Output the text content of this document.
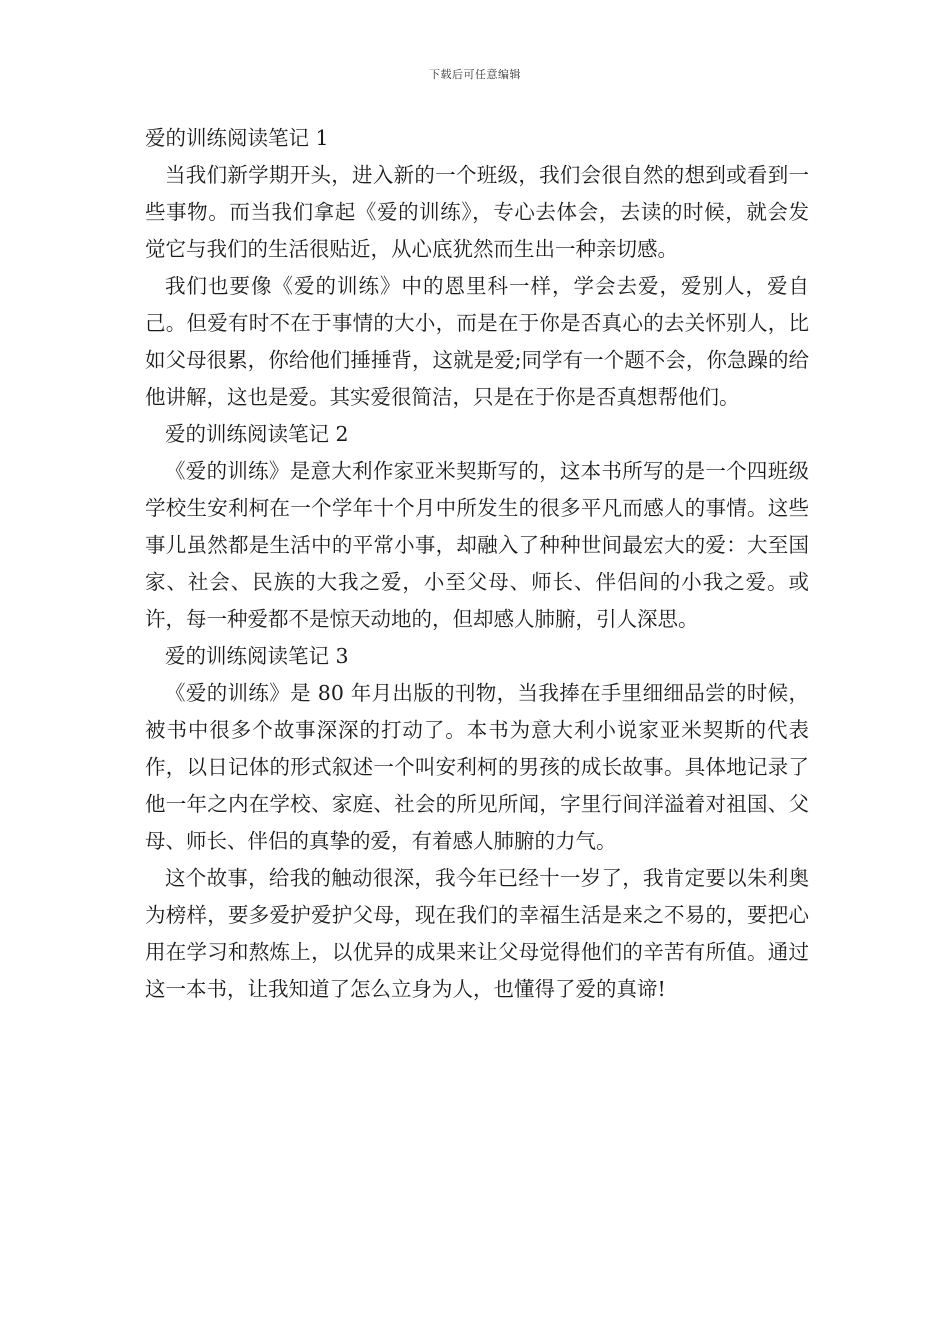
下载后可任意编辑
爱的训练阅读笔记 1

当我们新学期开头，进入新的一个班级，我们会很自然的想到或看到一些事物。而当我们拿起《爱的训练》，专心去体会，去读的时候，就会发觉它与我们的生活很贴近，从心底犹然而生出一种亲切感。

我们也要像《爱的训练》中的恩里科一样，学会去爱，爱别人，爱自己。但爱有时不在于事情的大小，而是在于你是否真心的去关怀别人，比如父母很累，你给他们捶捶背，这就是爱;同学有一个题不会，你急躁的给他讲解，这也是爱。其实爱很简洁，只是在于你是否真想帮他们。

爱的训练阅读笔记 2

《爱的训练》是意大利作家亚米契斯写的，这本书所写的是一个四班级学校生安利柯在一个学年十个月中所发生的很多平凡而感人的事情。这些事儿虽然都是生活中的平常小事，却融入了种种世间最宏大的爱：大至国家、社会、民族的大我之爱，小至父母、师长、伴侣间的小我之爱。或许，每一种爱都不是惊天动地的，但却感人肺腑，引人深思。

爱的训练阅读笔记 3

《爱的训练》是 80 年月出版的刊物，当我捧在手里细细品尝的时候，被书中很多个故事深深的打动了。本书为意大利小说家亚米契斯的代表作，以日记体的形式叙述一个叫安利柯的男孩的成长故事。具体地记录了他一年之内在学校、家庭、社会的所见所闻，字里行间洋溢着对祖国、父母、师长、伴侣的真挚的爱，有着感人肺腑的力气。

这个故事，给我的触动很深，我今年已经十一岁了，我肯定要以朱利奥为榜样，要多爱护爱护父母，现在我们的幸福生活是来之不易的，要把心用在学习和熬炼上，以优异的成果来让父母觉得他们的辛苦有所值。通过这一本书，让我知道了怎么立身为人，也懂得了爱的真谛!
